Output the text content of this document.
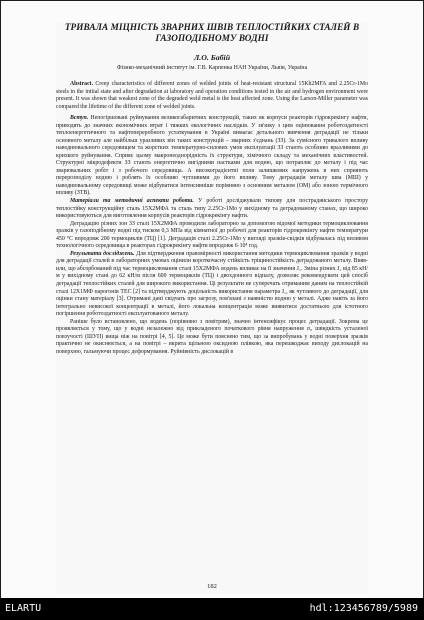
ТРИВАЛА МІЦНІСТЬ ЗВАРНИХ ШВІВ ТЕПЛОСТІЙКИХ СТАЛЕЙ В ГАЗОПОДІБНОМУ ВОДНІ

Л.О. Бабій

Фізико-механічний інститут ім. Г.В. Карпенка НАН України, Львів, Україна

Abstract. Creep characteristics of different zones of welded joints of heat-resistant structural 15Kh2MFA and 2.25Cr-1Mo steels in the initial state and after degradation at laboratory and operation conditions tested in the air and hydrogen environment were present. It was shown that weakest zone of the degraded weld metal is the heat affected zone. Using the Larson-Miller parameter was compared the lifetime of the different zone of welded joints.

Вступ. Непогіршовані руйнування великогабаритних конструкцій, таких як корпуси реакторів гідрокрекінгу нафти, приводять до значних економічних втрат і тяжких екологічних наслідків. У зв'язку з цим оцінювання роботоздатності теплоенергетичного та нафтопереробного устаткування в Україні вимагає детального вивчення деградації не тільки основного металу але найбільш уразливих він таких конструкцій – зварних з'єднань (ЗЗ). За сумісного тривалого впливу наводнювального середовищем та жорстких температурно-силових умов експлуатації ЗЗ стають особливо вразливими до крихкого руйнування. Сприяє цьому макронеоднорідність їх структури, хімічного складу та механічних властивостей. Структурні мікродефекти ЗЗ стають енергетично вигідними пастками для водню, що потрапляє до металу і під час зварювальних робіт і з робочого середовища. А високоградієнтні поля залишкових напружень в них сприяють перерозподілу водню і роблять їх особливо чутливими до його впливу. Тому деградація металу шва (МШ) у наводнювальному середовищі може відбуватися інтенсивніше порівняно з основним металом (ОМ) або зоною термічного впливу (ЗТВ).

Матеріали та методичні аспекти роботи. У роботі досліджували типову для пострадянського простору теплостійку конструкційну сталь 15Х2МФА та сталь типу 2.25Cr-1Mo у вихідному та деградованому станах, що широко використовуються для виготовлення корпусів реакторів гідрокрекінгу нафти.

Деградацію різних зон ЗЗ сталі 15Х2МФА проводили лабораторно за допомогою відомої методики термоциклювання зразків у газоподібному водні під тиском 0,3 МПа від кімнатної до робочої для реакторів гідрокрекінгу нафти температури 450 °С впродовж 200 термоциклів (ТЦ) [1]. Деградація сталі 2.25Cr-1Mo у вигляді зразків-свідків відбувалась під впливом технологічного середовища в реакторах гідрокрекінгу нафти впродовж 6·10⁴ год.

Результати досліджень. Для підтвердження правомірності використання методики термоциклювання зразків у водні для деградації сталей в лабораторних умовах оцінили короткочасну стійкість тріщиностійкість деградованого металу. Виявили, що абсорбований під час термоциклювання сталі 15Х2МФА водень впливає на її значення J₁. Зміна різних J₁ від 85 кН/м у вихідному стані до 62 кН/м після 600 термоциклів (ТЦ) і двохдонного відпалу, дозволяє рекомендувати цей спосіб деградації теплостійких сталей для широкого використання. Ці результати не суперечать отриманим даним на теплостійкій сталі 12Х1МФ парогонів ТЕС [2] та підтверджують доцільність використання параметра J₁, як чутливого до деградації, для оцінки стану матеріалу [3]. Отримані дані свідчать про загрозу, пов'язані з наявністю водню у металі. Адже навіть за його інтегрально невисокої концентрації в металі, його локальна концентрація може виявитися достатньою для істотного погіршення роботоздатності експлуатованого металу.

Раніше було встановлено, що водень (порівняно з повітрям), значно інтенсифікує процес деградації. Зокрема це проявляється у тому, що у водні незалежно від прикладеного початкового рівня напруження σ₀ швидкість усталеної повзучості (ШУП) вища ніж на повітрі [4, 5]. Це може бути пояснено тим, що за випробувань у водні поверхня зразків практично не окиснюється, а на повітрі – вкрита щільною оксидною плівкою, яка перешкоджає виходу дислокацій на поверхню, гальмуючи процес деформування. Руйнівність дислокацій в

182
ELARTU	hdl:123456789/5989
